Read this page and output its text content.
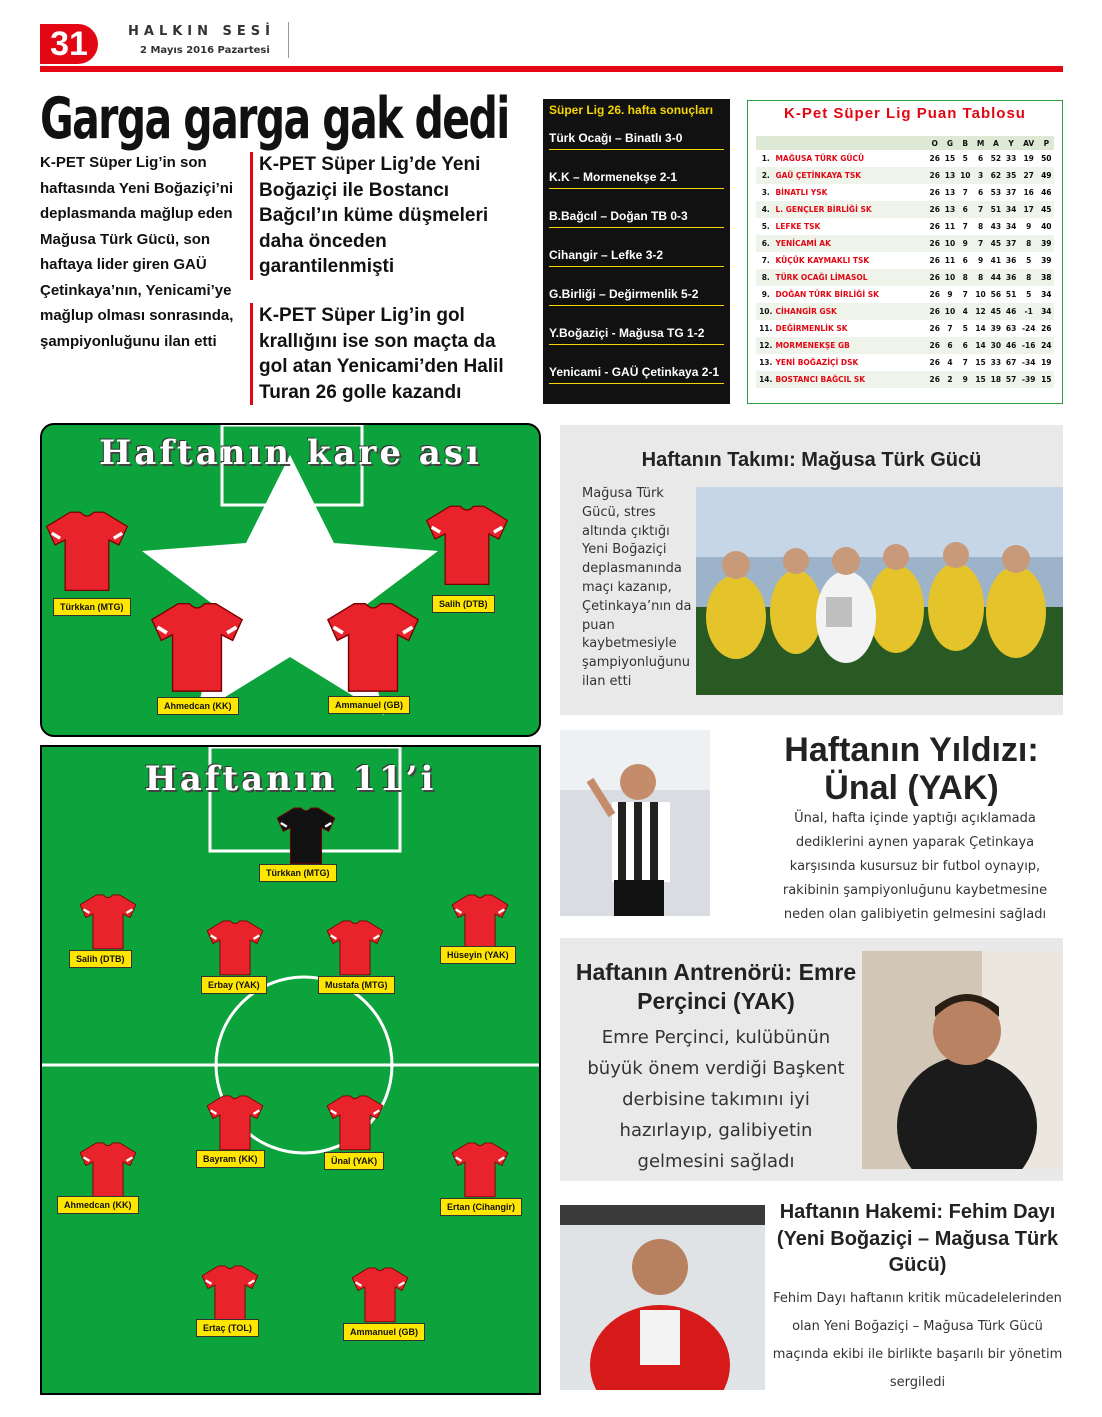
31	HALKIN SESİ
2 Mayıs 2016 Pazartesi
Garga garga gak dedi
K-PET Süper Lig’in son haftasında Yeni Boğaziçi’ni deplasmanda mağlup eden Mağusa Türk Gücü, son haftaya lider giren GAÜ Çetinkaya’nın, Yenicami’ye mağlup olması sonrasında, şampiyonluğunu ilan etti
K-PET Süper Lig’de Yeni Boğaziçi ile Bostancı Bağcıl’ın küme düşmeleri daha önceden garantilenmişti
K-PET Süper Lig’in gol krallığını ise son maçta da gol atan Yenicami’den Halil Turan 26 golle kazandı
Süper Lig 26. hafta sonuçları
Türk Ocağı – Binatlı 3-0
K.K – Mormenekşe 2-1
B.Bağcıl – Doğan TB 0-3
Cihangir – Lefke 3-2
G.Birliği – Değirmenlik 5-2
Y.Boğaziçi - Mağusa TG 1-2
Yenicami - GAÜ Çetinkaya 2-1
K-Pet Süper Lig Puan Tablosu
		O	G	B	M	A	Y	AV	P
1.	MAĞUSA TÜRK GÜCÜ	26	15	5	6	52	33	19	50
2.	GAÜ ÇETİNKAYA TSK	26	13	10	3	62	35	27	49
3.	BİNATLI YSK	26	13	7	6	53	37	16	46
4.	L. GENÇLER BİRLİĞİ SK	26	13	6	7	51	34	17	45
5.	LEFKE TSK	26	11	7	8	43	34	9	40
6.	YENİCAMİ AK	26	10	9	7	45	37	8	39
7.	KÜÇÜK KAYMAKLI TSK	26	11	6	9	41	36	5	39
8.	TÜRK OCAĞI LİMASOL	26	10	8	8	44	36	8	38
9.	DOĞAN TÜRK BİRLİĞİ SK	26	9	7	10	56	51	5	34
10.	CİHANGİR GSK	26	10	4	12	45	46	-1	34
11.	DEĞİRMENLİK SK	26	7	5	14	39	63	-24	26
12.	MORMENEKŞE GB	26	6	6	14	30	46	-16	24
13.	YENİ BOĞAZİÇİ DSK	26	4	7	15	33	67	-34	19
14.	BOSTANCI BAĞCIL SK	26	2	9	15	18	57	-39	15
Haftanın kare ası
Haftanın 11’i
Türkkan (MTG)	Salih (DTB)
Ahmedcan (KK)	Ammanuel (GB)
Türkkan (MTG)
Salih (DTB)	Hüseyin (YAK)
Erbay (YAK)	Mustafa (MTG)
Bayram (KK)	Ünal (YAK)
Ahmedcan (KK)	Ertan (Cihangir)
Ertaç (TOL)	Ammanuel (GB)
Haftanın Takımı: Mağusa Türk Gücü
Mağusa Türk Gücü, stres altında çıktığı Yeni Boğaziçi deplasmanında maçı kazanıp, Çetinkaya’nın da puan kaybetmesiyle şampiyonluğunu ilan etti
Haftanın Yıldızı: Ünal (YAK)
Ünal, hafta içinde yaptığı açıklamada dediklerini aynen yaparak Çetinkaya karşısında kusursuz bir futbol oynayıp, rakibinin şampiyonluğunu kaybetmesine neden olan galibiyetin gelmesini sağladı
Haftanın Antrenörü: Emre Perçinci (YAK)
Emre Perçinci, kulübünün büyük önem verdiği Başkent derbisine takımını iyi hazırlayıp, galibiyetin gelmesini sağladı
Haftanın Hakemi: Fehim Dayı (Yeni Boğaziçi – Mağusa Türk Gücü)
Fehim Dayı haftanın kritik mücadelelerinden olan Yeni Boğaziçi – Mağusa Türk Gücü maçında ekibi ile birlikte başarılı bir yönetim sergiledi
